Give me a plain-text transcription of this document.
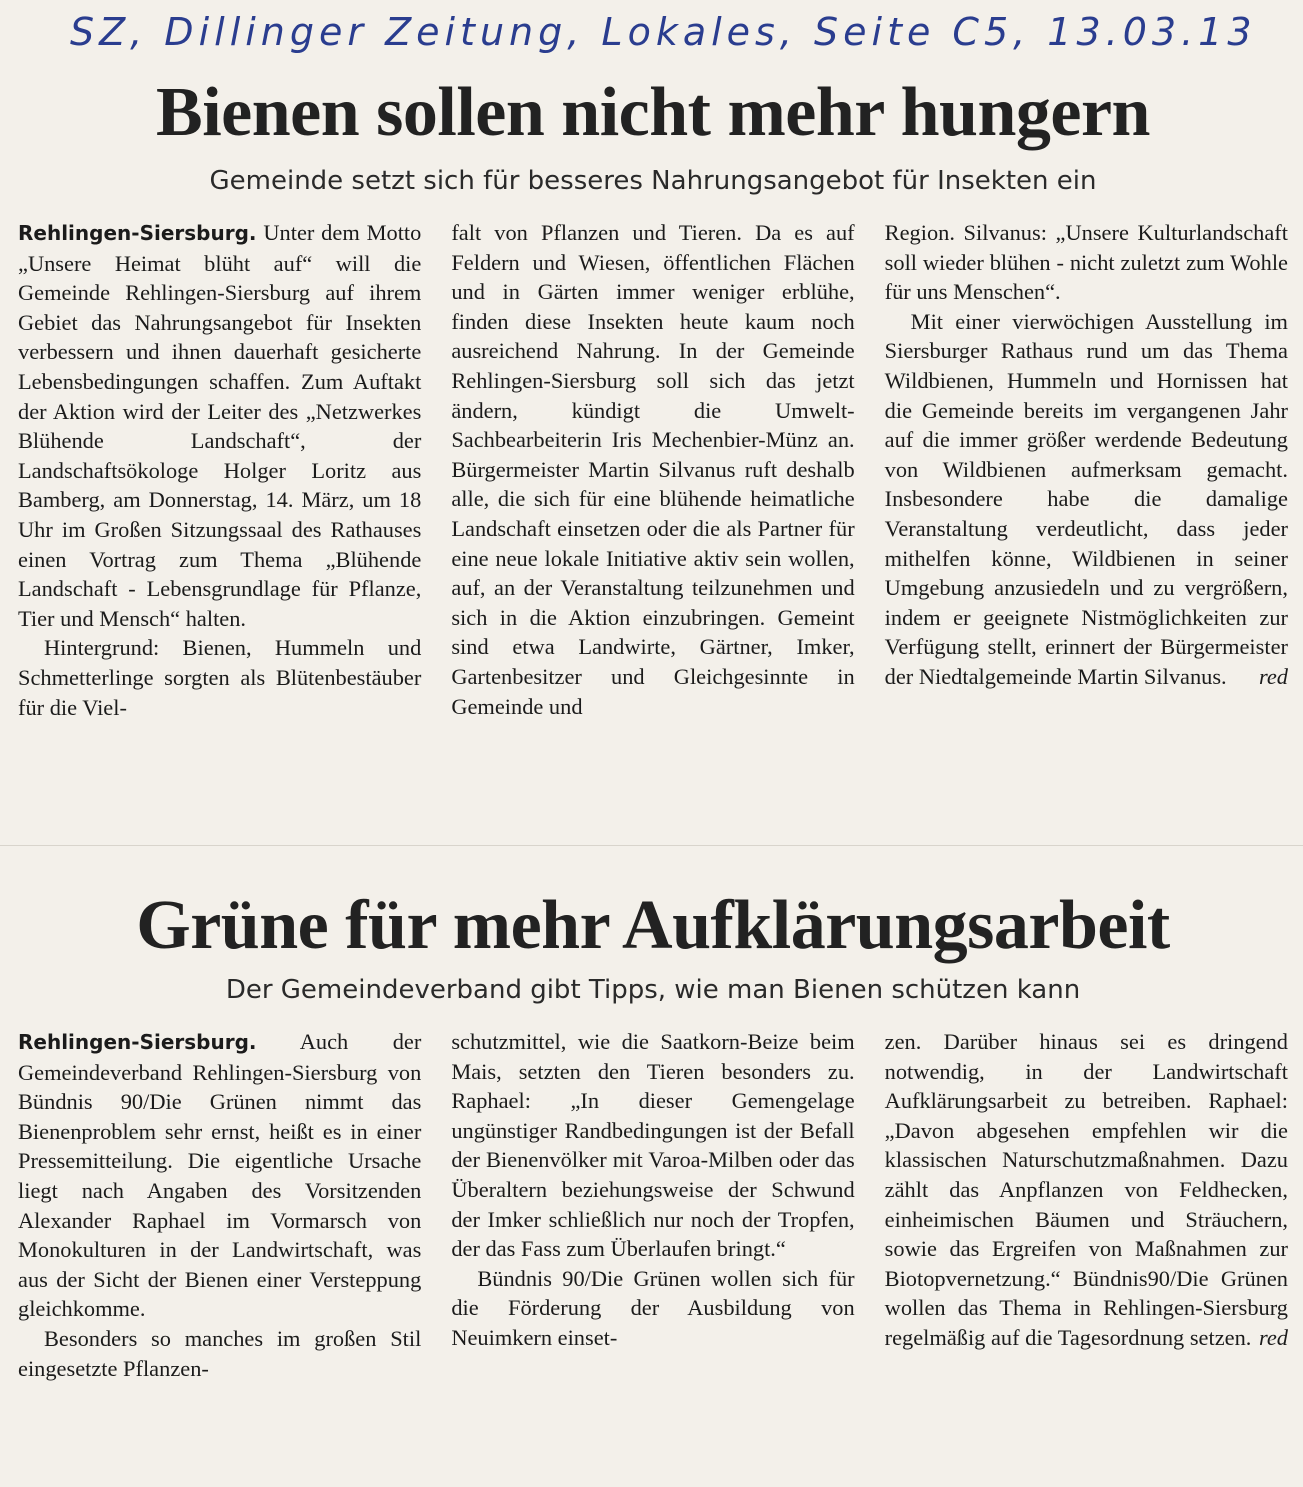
SZ, Dillinger Zeitung, Lokales, Seite C5, 13.03.13
Bienen sollen nicht mehr hungern
Gemeinde setzt sich für besseres Nahrungsangebot für Insekten ein

Rehlingen-Siersburg. Unter dem Motto „Unsere Heimat blüht auf“ will die Gemeinde Rehlingen-Siersburg auf ihrem Gebiet das Nahrungsangebot für Insekten verbessern und ihnen dauerhaft gesicherte Lebensbedingungen schaffen. Zum Auftakt der Aktion wird der Leiter des „Netzwerkes Blühende Landschaft“, der Landschaftsökologe Holger Loritz aus Bamberg, am Donnerstag, 14. März, um 18 Uhr im Großen Sitzungssaal des Rathauses einen Vortrag zum Thema „Blühende Landschaft - Lebensgrundlage für Pflanze, Tier und Mensch“ halten.

Hintergrund: Bienen, Hummeln und Schmetterlinge sorgten als Blütenbestäuber für die Viel-

falt von Pflanzen und Tieren. Da es auf Feldern und Wiesen, öffentlichen Flächen und in Gärten immer weniger erblühe, finden diese Insekten heute kaum noch ausreichend Nahrung. In der Gemeinde Rehlingen-Siersburg soll sich das jetzt ändern, kündigt die Umwelt-Sachbearbeiterin Iris Mechenbier-Münz an. Bürgermeister Martin Silvanus ruft deshalb alle, die sich für eine blühende heimatliche Landschaft einsetzen oder die als Partner für eine neue lokale Initiative aktiv sein wollen, auf, an der Veranstaltung teilzunehmen und sich in die Aktion einzubringen. Gemeint sind etwa Landwirte, Gärtner, Imker, Gartenbesitzer und Gleichgesinnte in Gemeinde und

Region. Silvanus: „Unsere Kulturlandschaft soll wieder blühen - nicht zuletzt zum Wohle für uns Menschen“.

Mit einer vierwöchigen Ausstellung im Siersburger Rathaus rund um das Thema Wildbienen, Hummeln und Hornissen hat die Gemeinde bereits im vergangenen Jahr auf die immer größer werdende Bedeutung von Wildbienen aufmerksam gemacht. Insbesondere habe die damalige Veranstaltung verdeutlicht, dass jeder mithelfen könne, Wildbienen in seiner Umgebung anzusiedeln und zu vergrößern, indem er geeignete Nistmöglichkeiten zur Verfügung stellt, erinnert der Bürgermeister der Niedtalgemeinde Martin Silvanus.	red

Grüne für mehr Aufklärungsarbeit
Der Gemeindeverband gibt Tipps, wie man Bienen schützen kann

Rehlingen-Siersburg. Auch der Gemeindeverband Rehlingen-Siersburg von Bündnis 90/Die Grünen nimmt das Bienenproblem sehr ernst, heißt es in einer Pressemitteilung. Die eigentliche Ursache liegt nach Angaben des Vorsitzenden Alexander Raphael im Vormarsch von Monokulturen in der Landwirtschaft, was aus der Sicht der Bienen einer Versteppung gleichkomme.

Besonders so manches im großen Stil eingesetzte Pflanzen-

schutzmittel, wie die Saatkorn-Beize beim Mais, setzten den Tieren besonders zu. Raphael: „In dieser Gemengelage ungünstiger Randbedingungen ist der Befall der Bienenvölker mit Varoa-Milben oder das Überaltern beziehungsweise der Schwund der Imker schließlich nur noch der Tropfen, der das Fass zum Überlaufen bringt.“

Bündnis 90/Die Grünen wollen sich für die Förderung der Ausbildung von Neuimkern einset-

zen. Darüber hinaus sei es dringend notwendig, in der Landwirtschaft Aufklärungsarbeit zu betreiben. Raphael: „Davon abgesehen empfehlen wir die klassischen Naturschutzmaßnahmen. Dazu zählt das Anpflanzen von Feldhecken, einheimischen Bäumen und Sträuchern, sowie das Ergreifen von Maßnahmen zur Biotopvernetzung.“ Bündnis90/Die Grünen wollen das Thema in Rehlingen-Siersburg regelmäßig auf die Tagesordnung setzen. red
